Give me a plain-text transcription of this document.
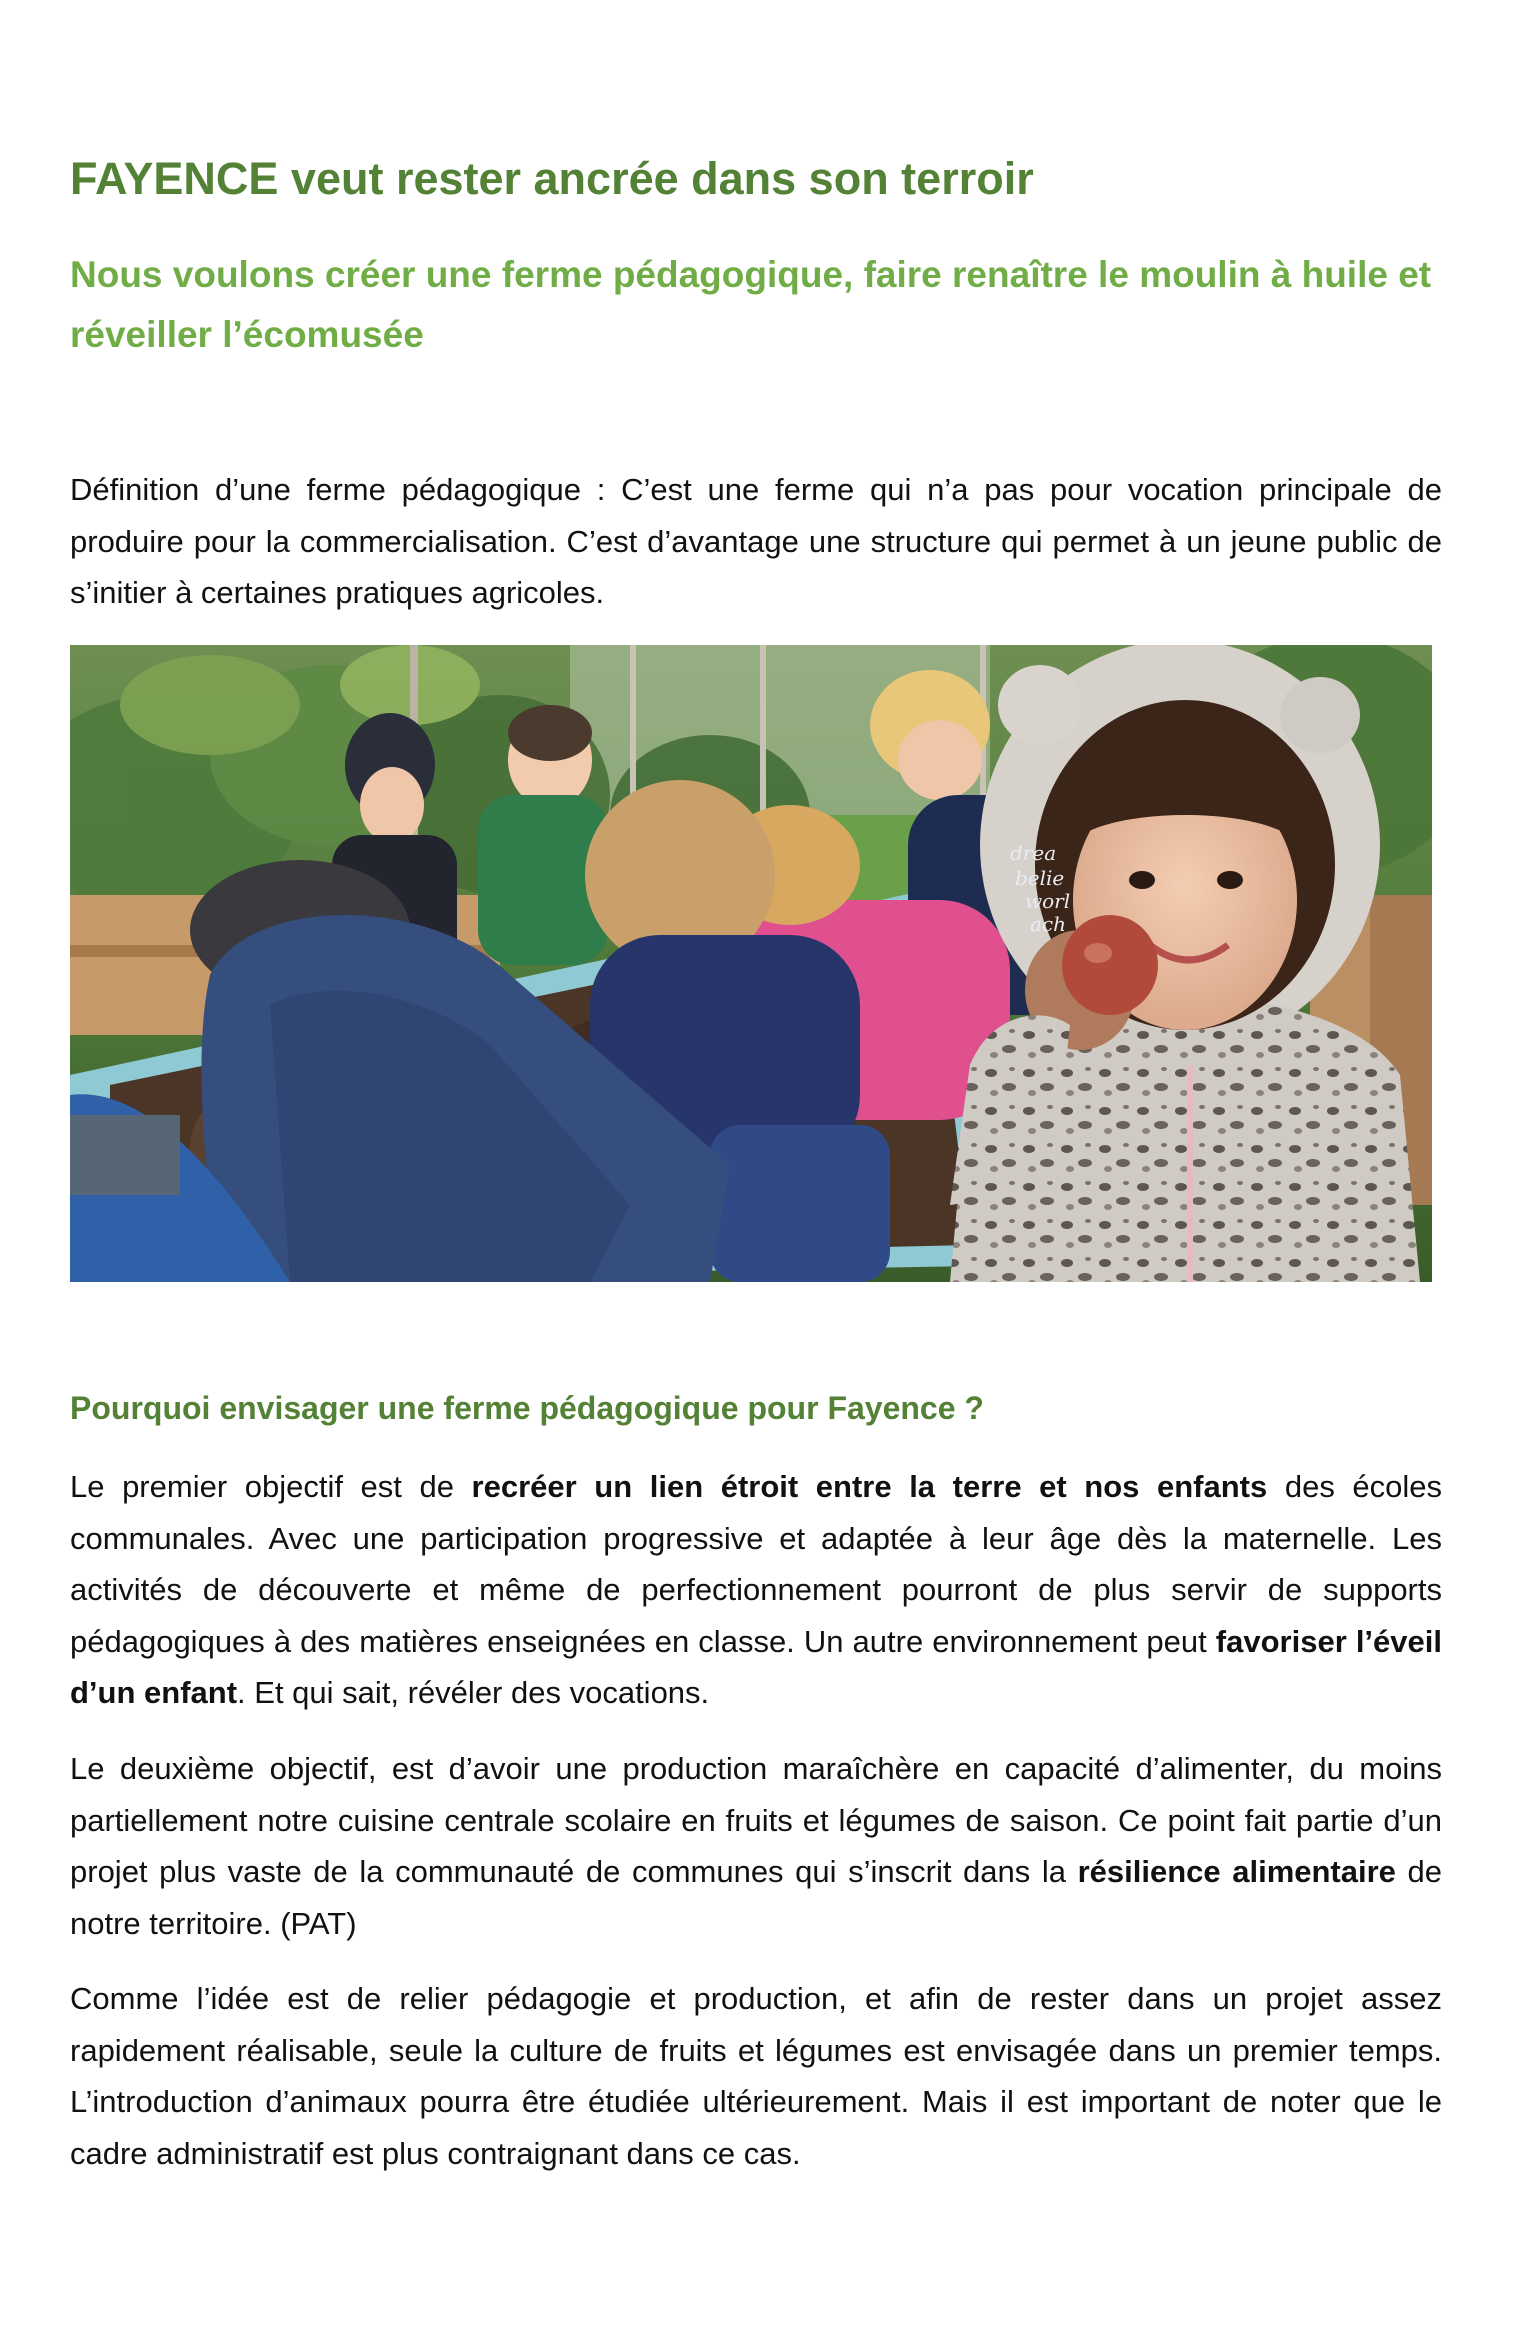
FAYENCE veut rester ancrée dans son terroir
Nous voulons créer une ferme pédagogique, faire renaître le moulin à huile et réveiller l’écomusée

Définition d’une ferme pédagogique : C’est une ferme qui n’a pas pour vocation principale de produire pour la commercialisation. C’est d’avantage une structure qui permet à un jeune public de s’initier à certaines pratiques agricoles.

drea
belie
worl
ach
Pourquoi envisager une ferme pédagogique pour Fayence ?

Le premier objectif est de recréer un lien étroit entre la terre et nos enfants des écoles communales. Avec une participation progressive et adaptée à leur âge dès la maternelle. Les activités de découverte et même de perfectionnement pourront de plus servir de supports pédagogiques à des matières enseignées en classe. Un autre environnement peut favoriser l’éveil d’un enfant. Et qui sait, révéler des vocations.

Le deuxième objectif, est d’avoir une production maraîchère en capacité d’alimenter, du moins partiellement notre cuisine centrale scolaire en fruits et légumes de saison. Ce point fait partie d’un projet plus vaste de la communauté de communes qui s’inscrit dans la résilience alimentaire de notre territoire. (PAT)

Comme l’idée est de relier pédagogie et production, et afin de rester dans un projet assez rapidement réalisable, seule la culture de fruits et légumes est envisagée dans un premier temps. L’introduction d’animaux pourra être étudiée ultérieurement. Mais il est important de noter que le cadre administratif est plus contraignant dans ce cas.
